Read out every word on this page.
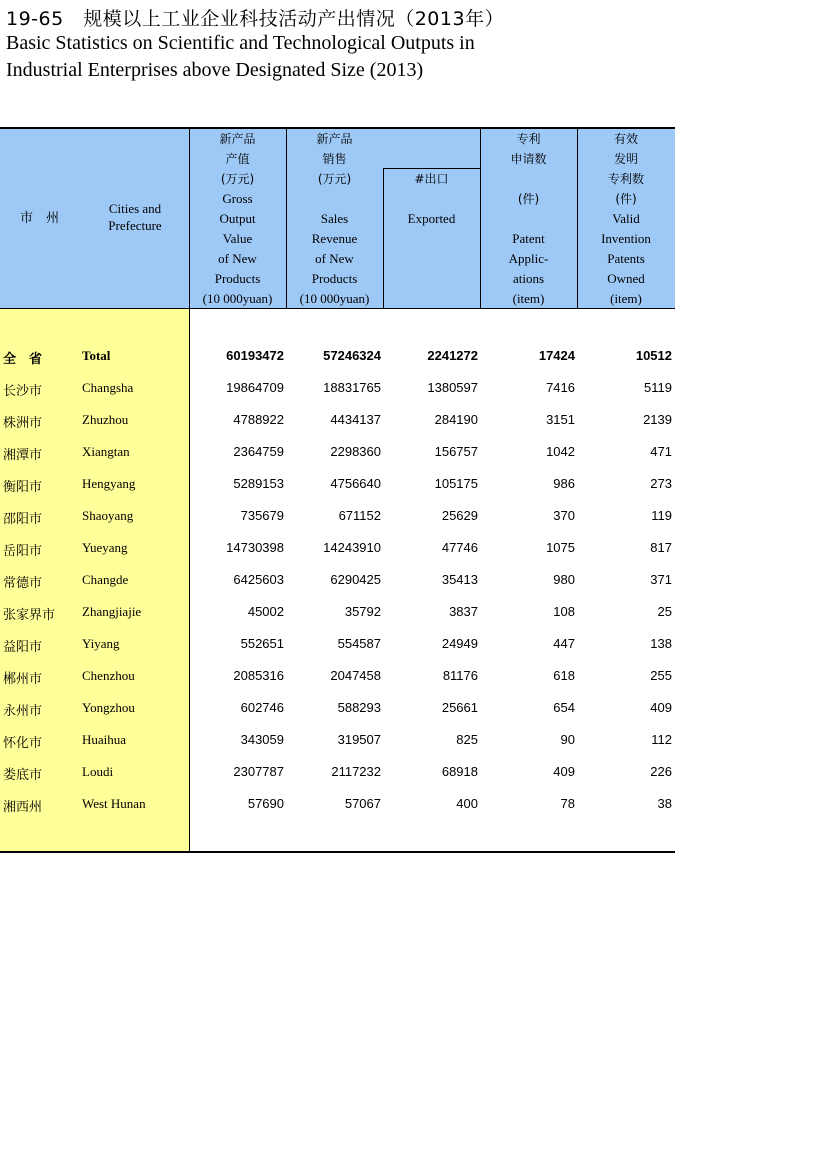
19-65　规模以上工业企业科技活动产出情况（2013年）
Basic Statistics on Scientific and Technological Outputs in
Industrial Enterprises above Designated Size (2013)
市　州
Cities and
Prefecture
新产品
产值
(万元)
Gross
Output
Value
of New
Products
(10 000yuan)
新产品
销售
(万元)
Sales
Revenue
of New
Products
(10 000yuan)
#出口
Exported
专利
申请数
(件)
Patent
Applic-
ations
(item)
有效
发明
专利数
(件)
Valid
Invention
Patents
Owned
(item)
全　省	Total	60193472	57246324	2241272	17424	10512
长沙市	Changsha	19864709	18831765	1380597	7416	5119
株洲市	Zhuzhou	4788922	4434137	284190	3151	2139
湘潭市	Xiangtan	2364759	2298360	156757	1042	471
衡阳市	Hengyang	5289153	4756640	105175	986	273
邵阳市	Shaoyang	735679	671152	25629	370	119
岳阳市	Yueyang	14730398	14243910	47746	1075	817
常德市	Changde	6425603	6290425	35413	980	371
张家界市 Zhangjiajie	45002	35792	3837	108	25
益阳市	Yiyang	552651	554587	24949	447	138
郴州市	Chenzhou	2085316	2047458	81176	618	255
永州市	Yongzhou	602746	588293	25661	654	409
怀化市	Huaihua	343059	319507	825	90	112
娄底市	Loudi	2307787	2117232	68918	409	226
湘西州	West Hunan	57690	57067	400	78	38
